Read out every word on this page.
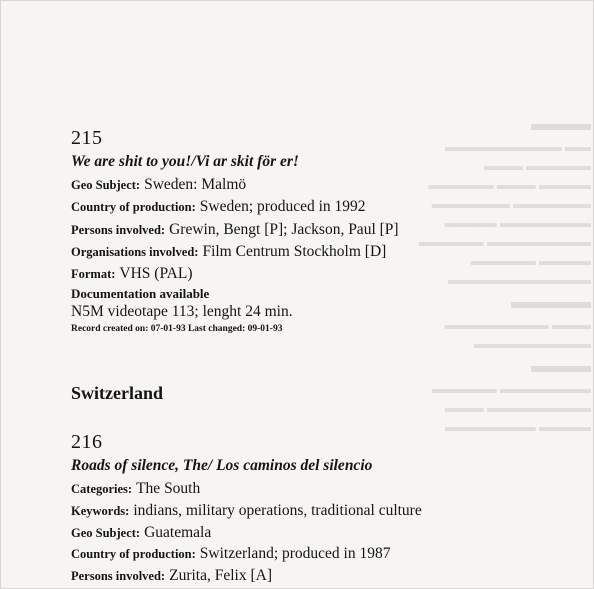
▬▬▬
▬▬ ▬▬▬▬▬▬▬▬▬
▬▬▬▬▬ ▬▬▬
▬▬▬▬ ▬▬▬ ▬▬▬▬▬
▬▬▬▬▬▬ ▬▬▬▬▬▬
▬▬▬▬▬▬▬ ▬▬▬▬
▬▬▬▬▬▬▬▬ ▬▬▬▬▬
▬▬▬▬ ▬▬▬▬▬
▬▬▬▬▬▬▬▬▬▬▬
▬▬▬▬
▬▬▬ ▬▬▬▬▬▬▬▬
▬▬▬▬▬▬▬▬▬
▬▬▬
▬▬▬▬▬▬▬ ▬▬▬▬▬
▬▬▬▬▬▬▬▬ ▬▬▬
▬▬▬▬ ▬▬▬▬▬▬▬
215
We are shit to you!/Vi ar skit för er!
Geo Subject: Sweden: Malmö
Country of production: Sweden; produced in 1992
Persons involved: Grewin, Bengt [P]; Jackson, Paul [P]
Organisations involved: Film Centrum Stockholm [D]
Format: VHS (PAL)
Documentation available
N5M videotape 113; lenght 24 min.
Record created on: 07-01-93 Last changed: 09-01-93
Switzerland
216
Roads of silence, The/ Los caminos del silencio
Categories: The South
Keywords: indians, military operations, traditional culture
Geo Subject: Guatemala
Country of production: Switzerland; produced in 1987
Persons involved: Zurita, Felix [A]
